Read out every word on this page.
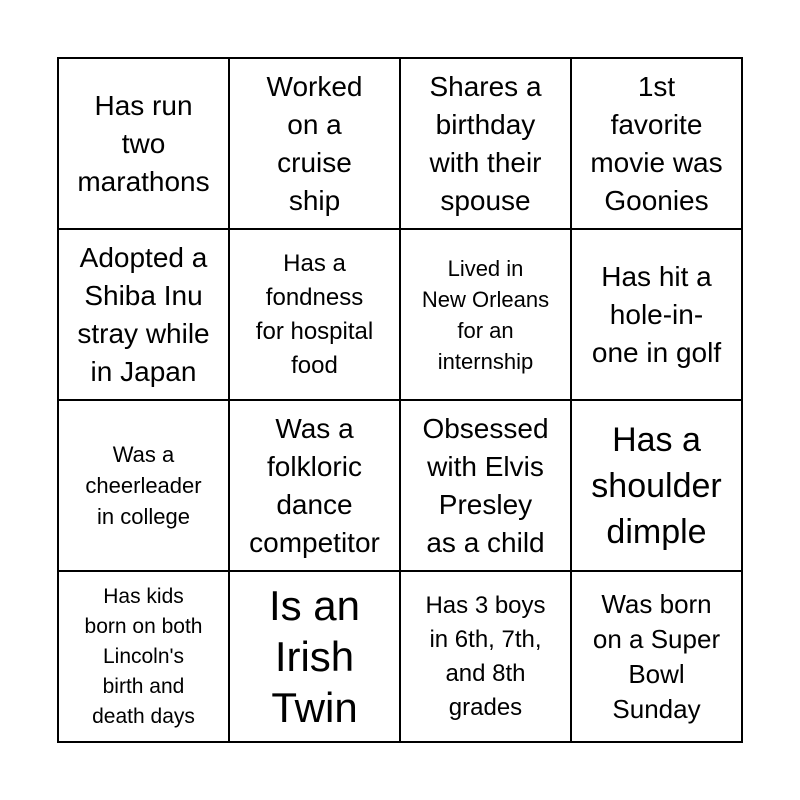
Has run
two
marathons
Worked
on a
cruise
ship
Shares a
birthday
with their
spouse
1st
favorite
movie was
Goonies
Adopted a
Shiba Inu
stray while
in Japan
Has a
fondness
for hospital
food
Lived in
New Orleans
for an
internship
Has hit a
hole-in-
one in golf
Was a
cheerleader
in college
Was a
folkloric
dance
competitor
Obsessed
with Elvis
Presley
as a child
Has a
shoulder
dimple
Has kids
born on both
Lincoln's
birth and
death days
Is an
Irish
Twin
Has 3 boys
in 6th, 7th,
and 8th
grades
Was born
on a Super
Bowl
Sunday
